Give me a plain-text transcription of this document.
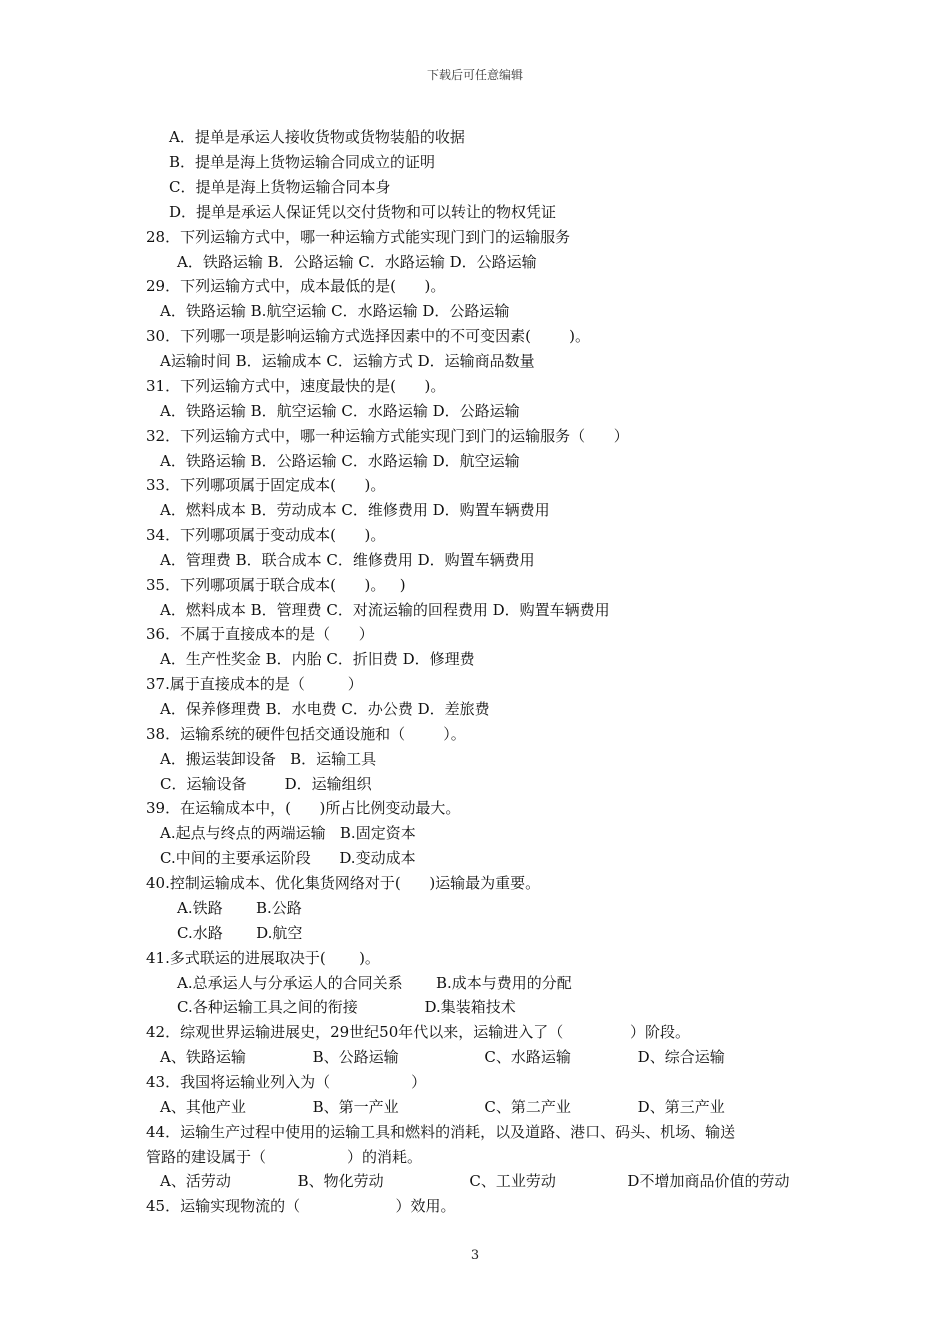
下载后可任意编辑
A．提单是承运人接收货物或货物装船的收据
B．提单是海上货物运输合同成立的证明
C．提单是海上货物运输合同本身
D．提单是承运人保证凭以交付货物和可以转让的物权凭证
28．下列运输方式中，哪一种运输方式能实现门到门的运输服务
A．铁路运输 B．公路运输 C．水路运输 D．公路运输
29．下列运输方式中，成本最低的是(      )。
A．铁路运输 B.航空运输 C．水路运输 D．公路运输
30．下列哪一项是影响运输方式选择因素中的不可变因素(        )。
A运输时间 B．运输成本 C．运输方式 D．运输商品数量
31．下列运输方式中，速度最快的是(      )。
A．铁路运输 B．航空运输 C．水路运输 D．公路运输
32．下列运输方式中，哪一种运输方式能实现门到门的运输服务（      ）
A．铁路运输 B．公路运输 C．水路运输 D．航空运输
33．下列哪项属于固定成本(      )。
A．燃料成本 B．劳动成本 C．维修费用 D．购置车辆费用
34．下列哪项属于变动成本(      )。
A．管理费 B．联合成本 C．维修费用 D．购置车辆费用
35．下列哪项属于联合成本(      )。   )
A．燃料成本 B．管理费 C．对流运输的回程费用 D．购置车辆费用
36．不属于直接成本的是（      ）
A．生产性奖金 B．内胎 C．折旧费 D．修理费
37.属于直接成本的是（         ）
A．保养修理费 B．水电费 C．办公费 D．差旅费
38．运输系统的硬件包括交通设施和（        ）。
A．搬运装卸设备   B．运输工具
C．运输设备        D．运输组织
39．在运输成本中，(      )所占比例变动最大。
A.起点与终点的两端运输   B.固定资本
C.中间的主要承运阶段      D.变动成本
40.控制运输成本、优化集货网络对于(      )运输最为重要。
A.铁路       B.公路
C.水路       D.航空
41.多式联运的进展取决于(       )。
A.总承运人与分承运人的合同关系       B.成本与费用的分配
C.各种运输工具之间的衔接              D.集装箱技术
42．综观世界运输进展史，29世纪50年代以来，运输进入了（              ）阶段。
A、铁路运输              B、公路运输                  C、水路运输              D、综合运输
43．我国将运输业列入为（                 ）
A、其他产业              B、第一产业                  C、第二产业              D、第三产业
44．运输生产过程中使用的运输工具和燃料的消耗，以及道路、港口、码头、机场、输送
管路的建设属于（                 ）的消耗。
A、活劳动              B、物化劳动                  C、工业劳动               D不增加商品价值的劳动
45．运输实现物流的（                    ）效用。
3
